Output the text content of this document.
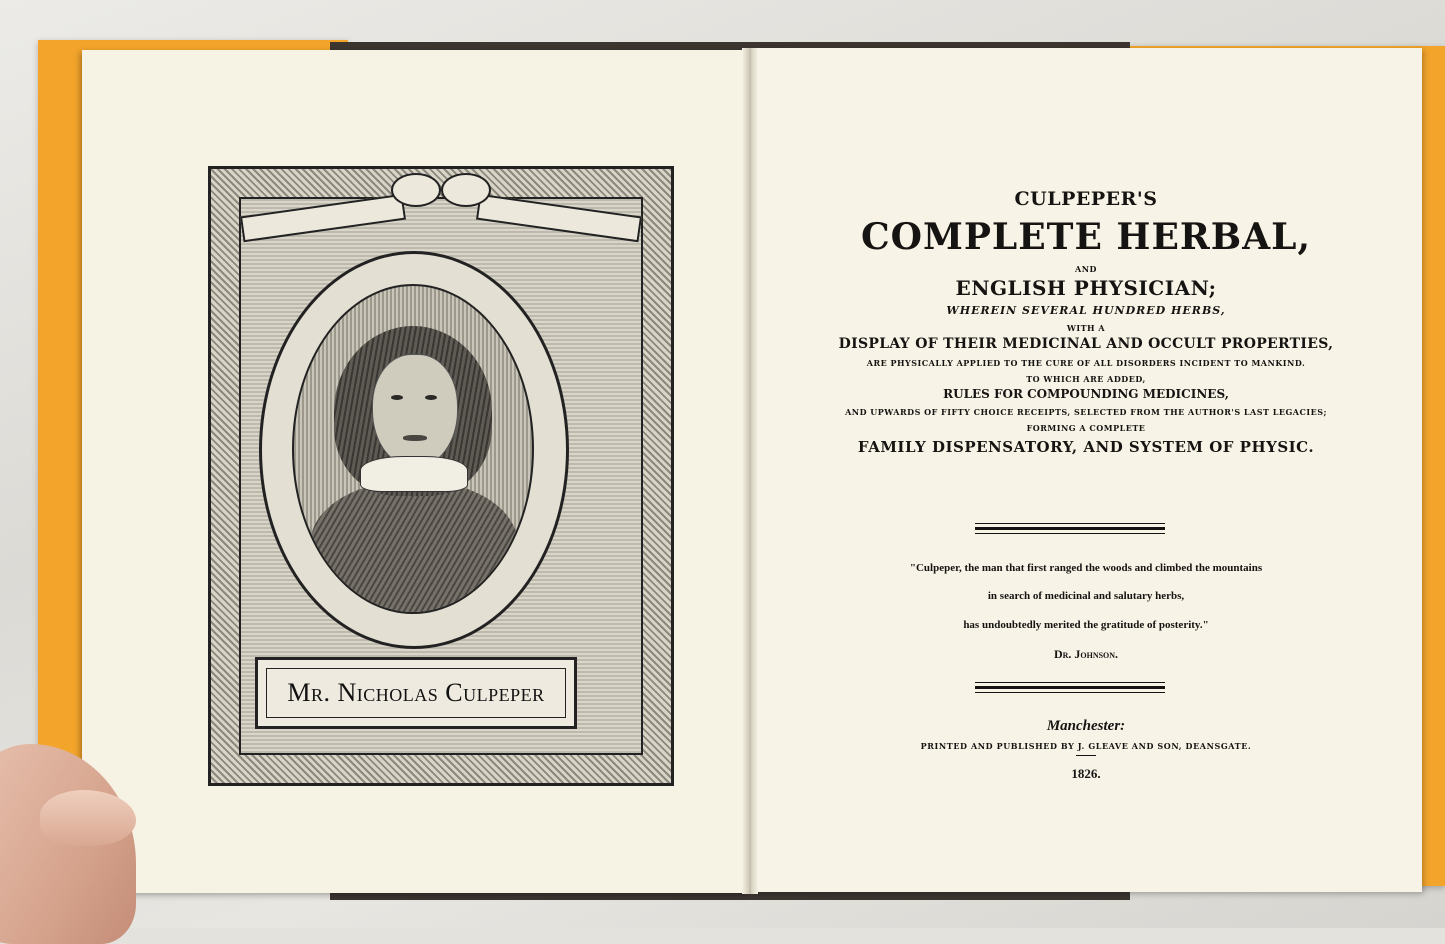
Mr. Nicholas Culpeper
CULPEPER'S
COMPLETE HERBAL,
AND
ENGLISH PHYSICIAN;
WHEREIN SEVERAL HUNDRED HERBS,
WITH A
DISPLAY OF THEIR MEDICINAL AND OCCULT PROPERTIES,
ARE PHYSICALLY APPLIED TO THE CURE OF ALL DISORDERS INCIDENT TO MANKIND.
TO WHICH ARE ADDED,
RULES FOR COMPOUNDING MEDICINES,
AND UPWARDS OF FIFTY CHOICE RECEIPTS, SELECTED FROM THE AUTHOR'S LAST LEGACIES;
FORMING A COMPLETE
FAMILY DISPENSATORY, AND SYSTEM OF PHYSIC.
"Culpeper, the man that first ranged the woods and climbed the mountains
in search of medicinal and salutary herbs,
has undoubtedly merited the gratitude of posterity."
Dr. Johnson.
Manchester:
PRINTED AND PUBLISHED BY J. GLEAVE AND SON, DEANSGATE.
1826.
